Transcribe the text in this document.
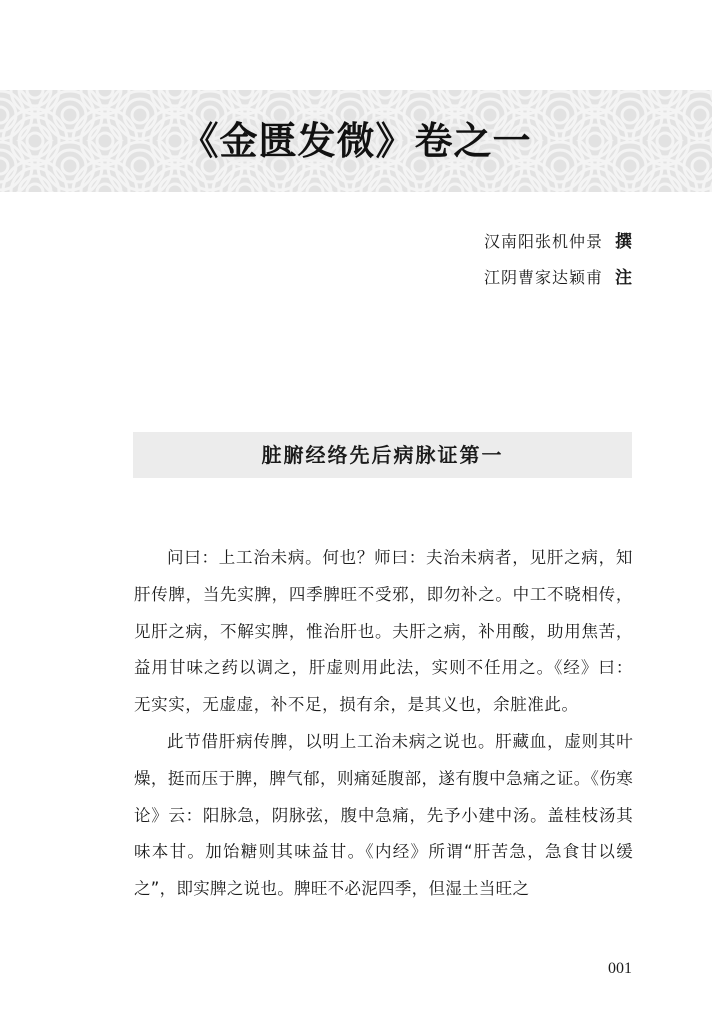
《金匮发微》卷之一
汉南阳张机仲景 撰
江阴曹家达颖甫 注
脏腑经络先后病脉证第一

问曰：上工治未病。何也？师曰：夫治未病者，见肝之病，知肝传脾，当先实脾，四季脾旺不受邪，即勿补之。中工不晓相传，见肝之病，不解实脾，惟治肝也。夫肝之病，补用酸，助用焦苦，益用甘味之药以调之，肝虚则用此法，实则不任用之。《经》曰：无实实，无虚虚，补不足，损有余，是其义也，余脏准此。

此节借肝病传脾，以明上工治未病之说也。肝藏血，虚则其叶燥，挺而压于脾，脾气郁，则痛延腹部，遂有腹中急痛之证。《伤寒论》云：阳脉急，阴脉弦，腹中急痛，先予小建中汤。盖桂枝汤其味本甘。加饴糖则其味益甘。《内经》所谓“肝苦急，急食甘以缓之”，即实脾之说也。脾旺不必泥四季，但湿土当旺之

001
